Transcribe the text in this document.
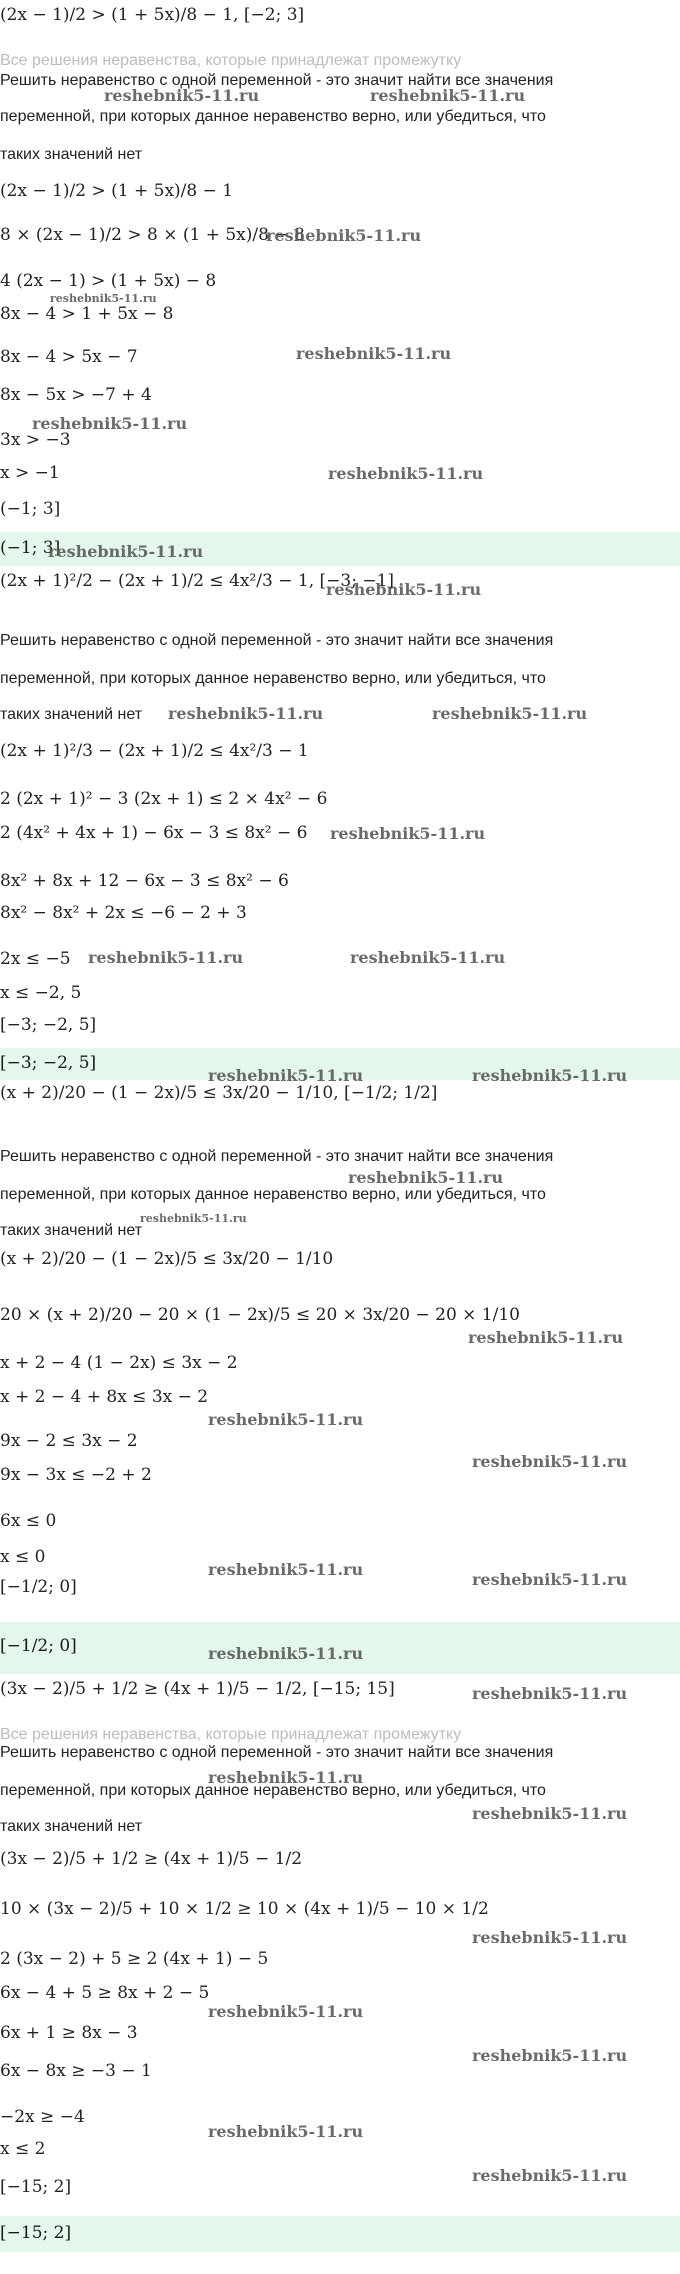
(2x − 1)/2 > (1 + 5x)/8 − 1, [−2; 3]
Все решения неравенства, которые принадлежат промежутку
Решить неравенство с одной переменной - это значит найти все значения
переменной, при которых данное неравенство верно, или убедиться, что
таких значений нет
(2x − 1)/2 > (1 + 5x)/8 − 1
8 × (2x − 1)/2 > 8 × (1 + 5x)/8 − 8
4 (2x − 1) > (1 + 5x) − 8
8x − 4 > 1 + 5x − 8
8x − 4 > 5x − 7
8x − 5x > −7 + 4
3x > −3
x > −1
(−1; 3]
(−1; 3]
(2x + 1)²/2 − (2x + 1)/2 ≤ 4x²/3 − 1, [−3; −1]
Решить неравенство с одной переменной - это значит найти все значения
переменной, при которых данное неравенство верно, или убедиться, что
таких значений нет
(2x + 1)²/3 − (2x + 1)/2 ≤ 4x²/3 − 1
2 (2x + 1)² − 3 (2x + 1) ≤ 2 × 4x² − 6
2 (4x² + 4x + 1) − 6x − 3 ≤ 8x² − 6
8x² + 8x + 12 − 6x − 3 ≤ 8x² − 6
8x² − 8x² + 2x ≤ −6 − 2 + 3
2x ≤ −5
x ≤ −2, 5
[−3; −2, 5]
[−3; −2, 5]
(x + 2)/20 − (1 − 2x)/5 ≤ 3x/20 − 1/10, [−1/2; 1/2]
Решить неравенство с одной переменной - это значит найти все значения
переменной, при которых данное неравенство верно, или убедиться, что
таких значений нет
(x + 2)/20 − (1 − 2x)/5 ≤ 3x/20 − 1/10
20 × (x + 2)/20 − 20 × (1 − 2x)/5 ≤ 20 × 3x/20 − 20 × 1/10
x + 2 − 4 (1 − 2x) ≤ 3x − 2
x + 2 − 4 + 8x ≤ 3x − 2
9x − 2 ≤ 3x − 2
9x − 3x ≤ −2 + 2
6x ≤ 0
x ≤ 0
[−1/2; 0]
[−1/2; 0]
(3x − 2)/5 + 1/2 ≥ (4x + 1)/5 − 1/2, [−15; 15]
Все решения неравенства, которые принадлежат промежутку
Решить неравенство с одной переменной - это значит найти все значения
переменной, при которых данное неравенство верно, или убедиться, что
таких значений нет
(3x − 2)/5 + 1/2 ≥ (4x + 1)/5 − 1/2
10 × (3x − 2)/5 + 10 × 1/2 ≥ 10 × (4x + 1)/5 − 10 × 1/2
2 (3x − 2) + 5 ≥ 2 (4x + 1) − 5
6x − 4 + 5 ≥ 8x + 2 − 5
6x + 1 ≥ 8x − 3
6x − 8x ≥ −3 − 1
−2x ≥ −4
x ≤ 2
[−15; 2]
[−15; 2]
reshebnik5-11.ru	reshebnik5-11.ru
reshebnik5-11.ru
reshebnik5-11.ru
reshebnik5-11.ru
reshebnik5-11.ru
reshebnik5-11.ru
reshebnik5-11.ru
reshebnik5-11.ru
reshebnik5-11.ru	reshebnik5-11.ru
reshebnik5-11.ru
reshebnik5-11.ru	reshebnik5-11.ru
reshebnik5-11.ru	reshebnik5-11.ru
reshebnik5-11.ru
reshebnik5-11.ru
reshebnik5-11.ru
reshebnik5-11.ru
reshebnik5-11.ru
reshebnik5-11.ru
reshebnik5-11.ru
reshebnik5-11.ru
reshebnik5-11.ru
reshebnik5-11.ru
reshebnik5-11.ru
reshebnik5-11.ru
reshebnik5-11.ru
reshebnik5-11.ru
reshebnik5-11.ru
reshebnik5-11.ru
